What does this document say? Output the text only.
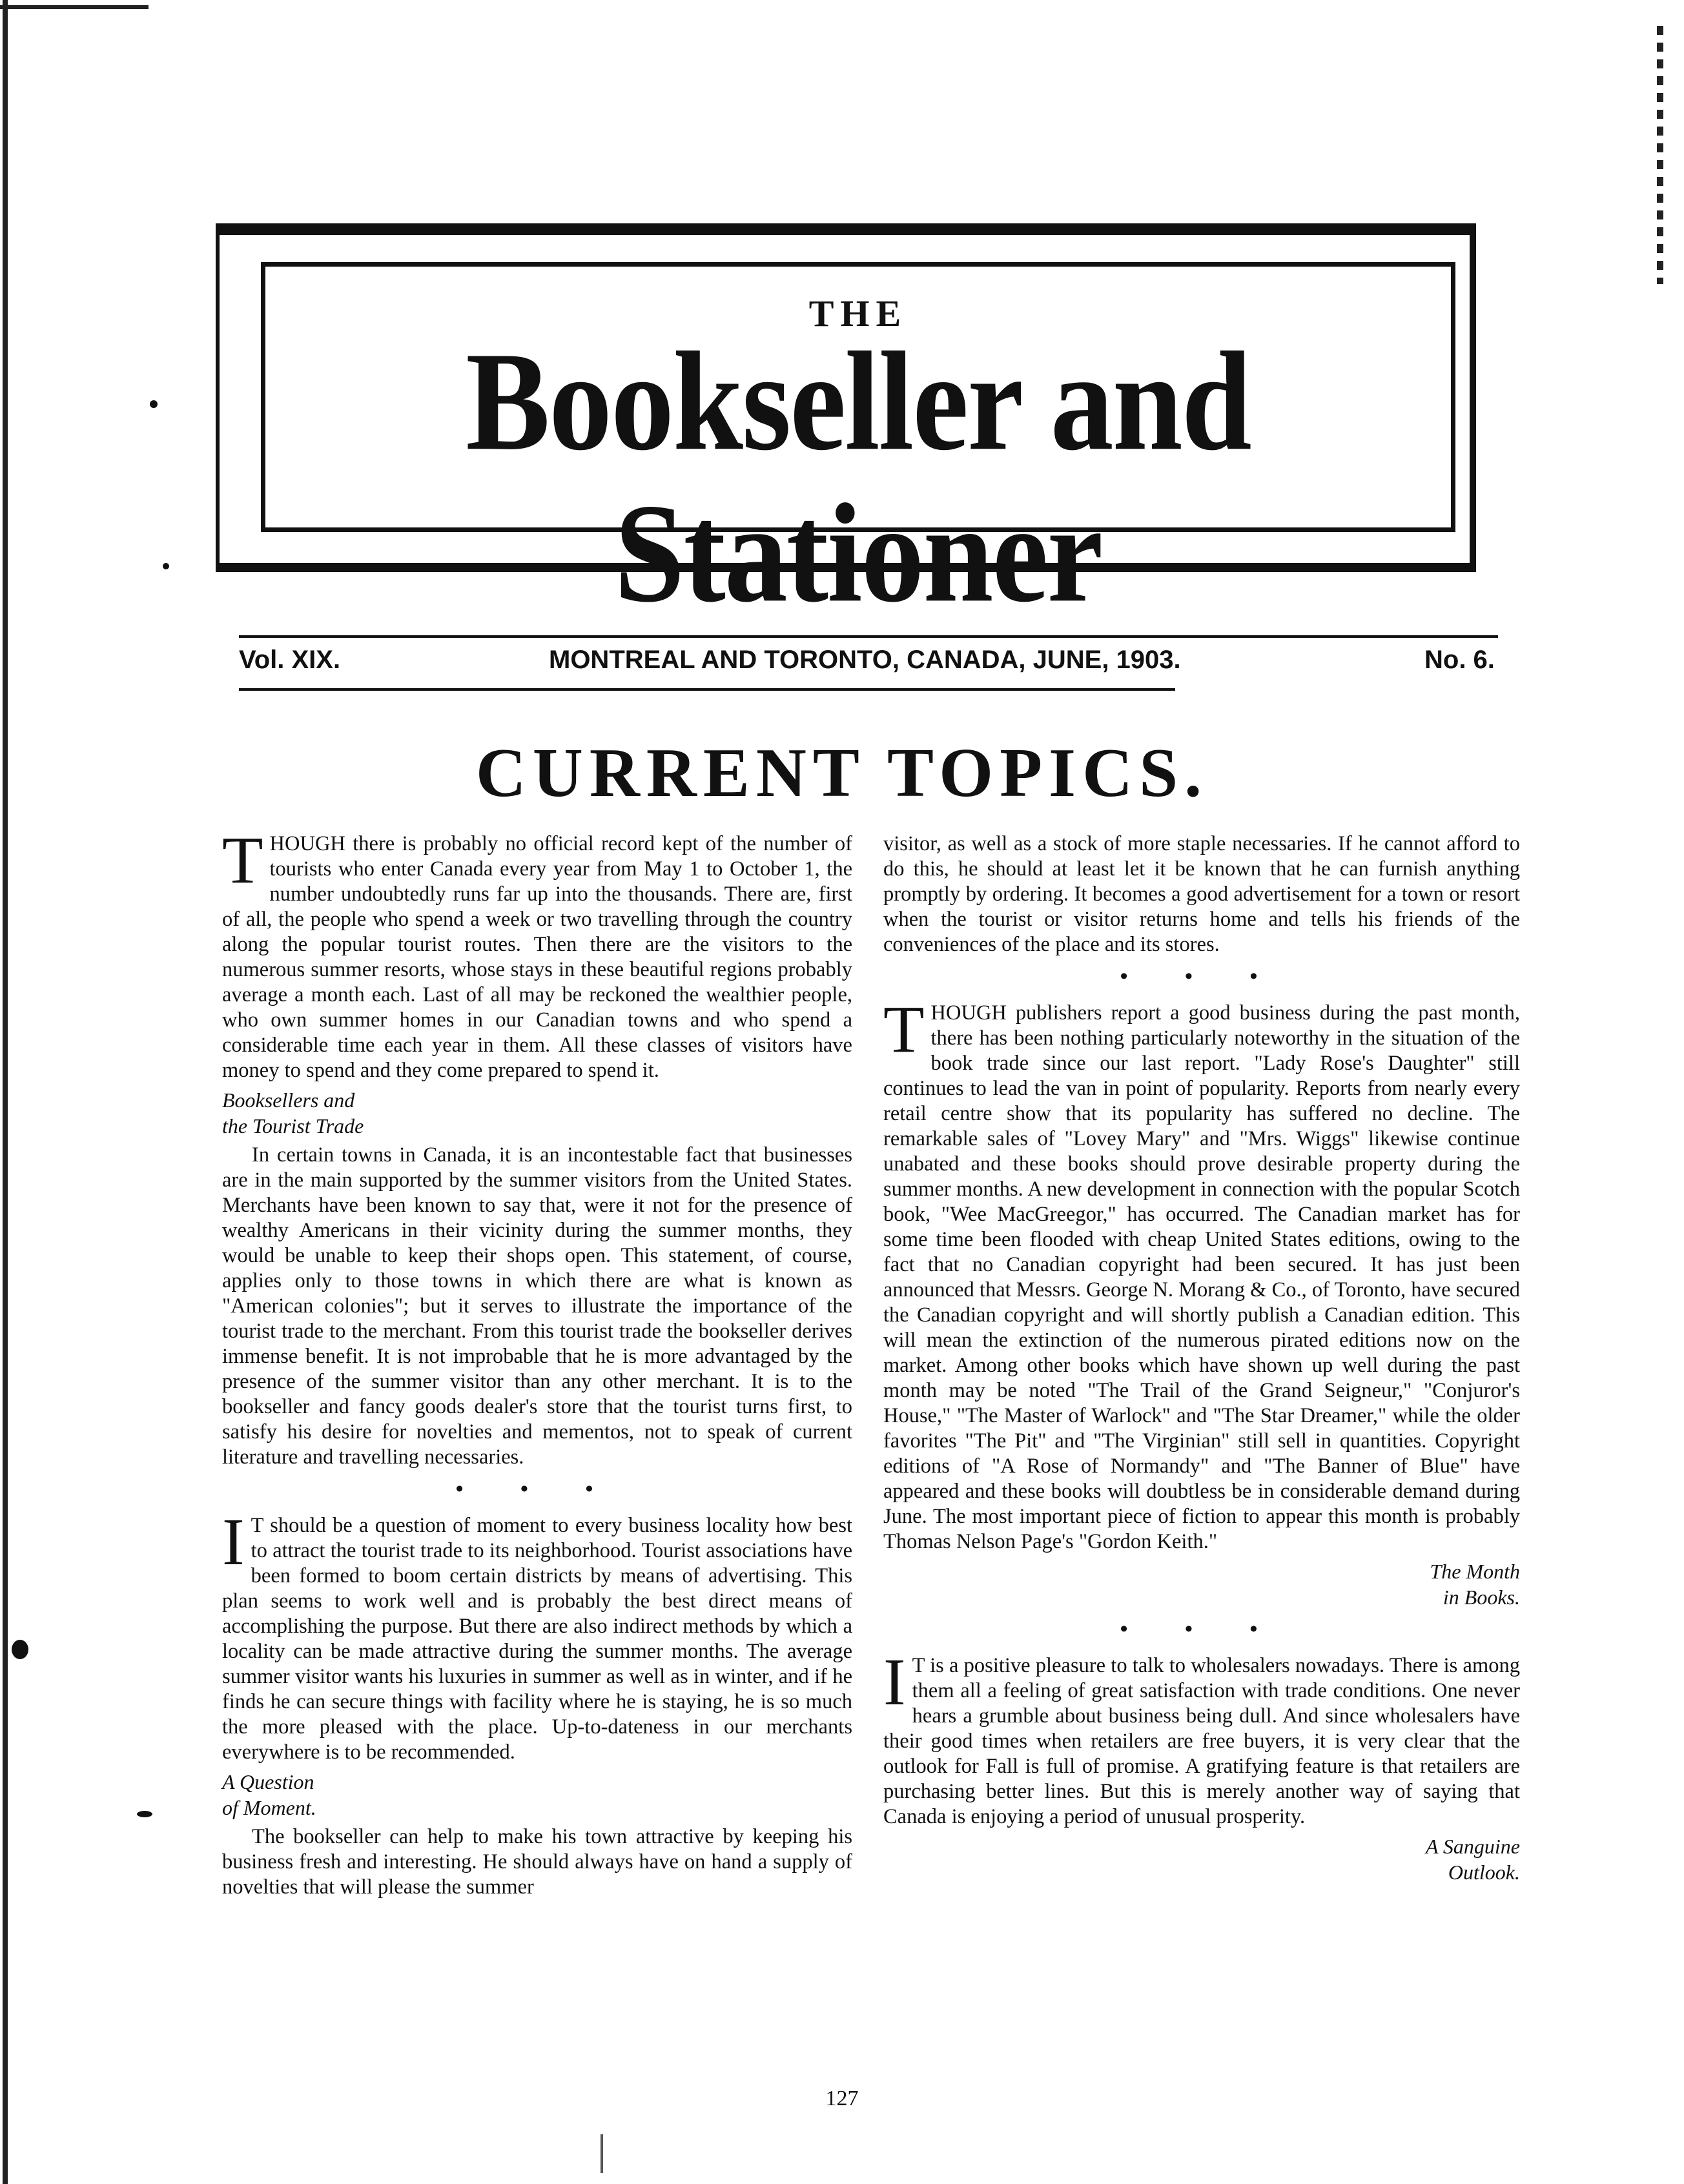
THE
Bookseller and Stationer
Vol. XIX.	MONTREAL AND TORONTO, CANADA, JUNE, 1903.	No. 6.
CURRENT TOPICS.

THOUGH there is probably no official record kept of the number of tourists who enter Canada every year from May 1 to October 1, the number undoubtedly runs far up into the thousands. There are, first of all, the people who spend a week or two travelling through the country along the popular tourist routes. Then there are the visitors to the numerous summer resorts, whose stays in these beautiful regions probably average a month each. Last of all may be reckoned the wealthier people, who own summer homes in our Canadian towns and who spend a considerable time each year in them. All these classes of visitors have money to spend and they come prepared to spend it.

Booksellers and
the Tourist Trade

In certain towns in Canada, it is an incontestable fact that businesses are in the main supported by the summer visitors from the United States. Merchants have been known to say that, were it not for the presence of wealthy Americans in their vicinity during the summer months, they would be unable to keep their shops open. This statement, of course, applies only to those towns in which there are what is known as "American colonies"; but it serves to illustrate the importance of the tourist trade to the merchant. From this tourist trade the bookseller derives immense benefit. It is not improbable that he is more advantaged by the presence of the summer visitor than any other merchant. It is to the bookseller and fancy goods dealer's store that the tourist turns first, to satisfy his desire for novelties and mementos, not to speak of current literature and travelling necessaries.

• • •

I T should be a question of moment to every business locality how best to attract the tourist trade to its neighborhood. Tourist associations have been formed to boom certain districts by means of advertising. This plan seems to work well and is probably the best direct means of accomplishing the purpose. But there are also indirect methods by which a locality can be made attractive during the summer months. The average summer visitor wants his luxuries in summer as well as in winter, and if he finds he can secure things with facility where he is staying, he is so much the more pleased with the place. Up-to-dateness in our merchants everywhere is to be recommended.

A Question
of Moment.

The bookseller can help to make his town attractive by keeping his business fresh and interesting. He should always have on hand a supply of novelties that will please the summer

visitor, as well as a stock of more staple necessaries. If he cannot afford to do this, he should at least let it be known that he can furnish anything promptly by ordering. It becomes a good advertisement for a town or resort when the tourist or visitor returns home and tells his friends of the conveniences of the place and its stores.

• • •

THOUGH publishers report a good business during the past month, there has been nothing particularly noteworthy in the situation of the book trade since our last report. "Lady Rose's Daughter" still continues to lead the van in point of popularity. Reports from nearly every retail centre show that its popularity has suffered no decline. The remarkable sales of "Lovey Mary" and "Mrs. Wiggs" likewise continue unabated and these books should prove desirable property during the summer months. A new development in connection with the popular Scotch book, "Wee MacGreegor," has occurred. The Canadian market has for some time been flooded with cheap United States editions, owing to the fact that no Canadian copyright had been secured. It has just been announced that Messrs. George N. Morang & Co., of Toronto, have secured the Canadian copyright and will shortly publish a Canadian edition. This will mean the extinction of the numerous pirated editions now on the market. Among other books which have shown up well during the past month may be noted "The Trail of the Grand Seigneur," "Conjuror's House," "The Master of Warlock" and "The Star Dreamer," while the older favorites "The Pit" and "The Virginian" still sell in quantities. Copyright editions of "A Rose of Normandy" and "The Banner of Blue" have appeared and these books will doubtless be in considerable demand during June. The most important piece of fiction to appear this month is probably Thomas Nelson Page's "Gordon Keith."

The Month
in Books.
• • •

I T is a positive pleasure to talk to wholesalers nowadays. There is among them all a feeling of great satisfaction with trade conditions. One never hears a grumble about business being dull. And since wholesalers have their good times when retailers are free buyers, it is very clear that the outlook for Fall is full of promise. A gratifying feature is that retailers are purchasing better lines. But this is merely another way of saying that Canada is enjoying a period of unusual prosperity.

A Sanguine
Outlook.
127
